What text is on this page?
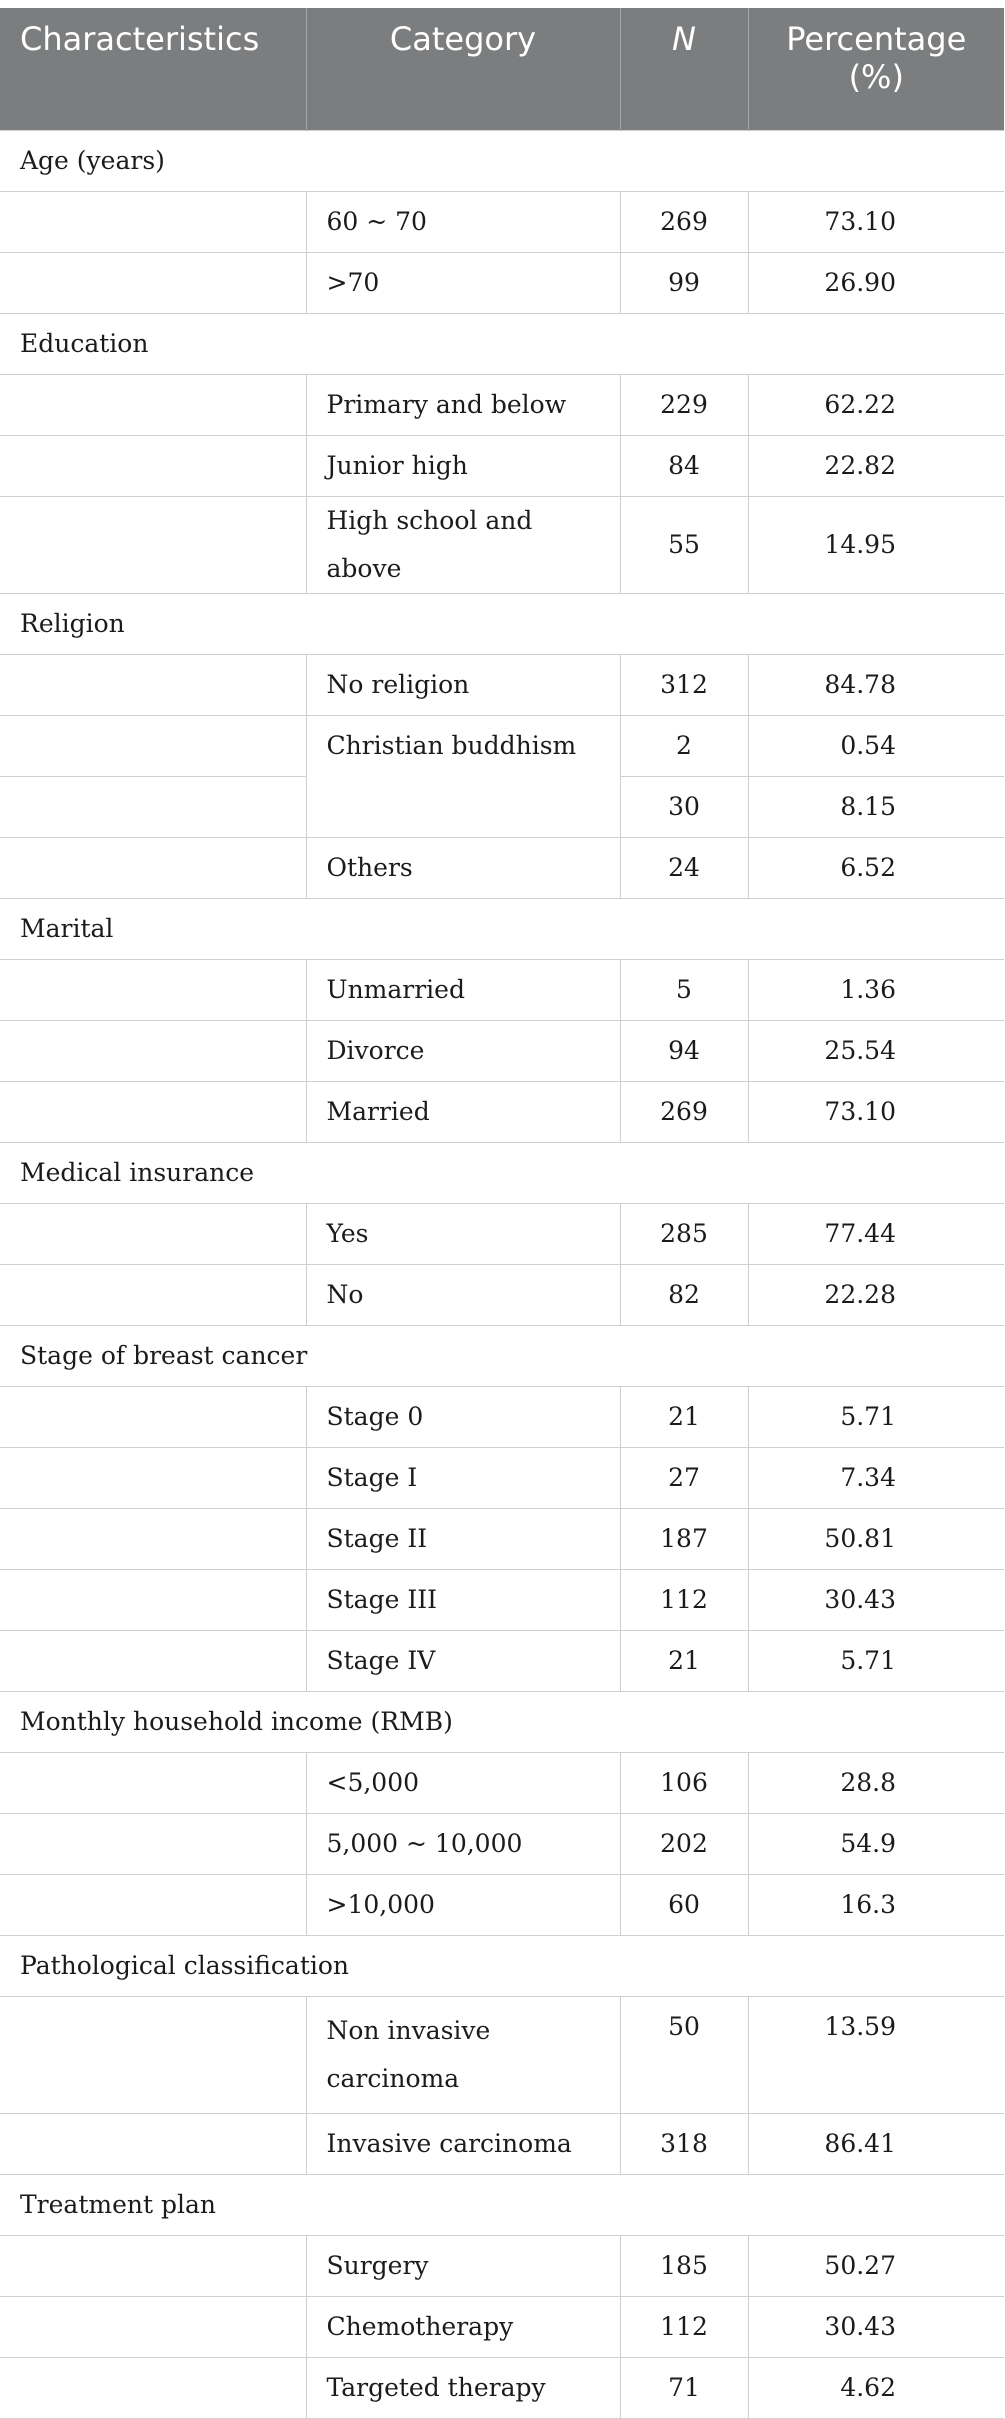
Characteristics	Category	N	Percentage (%)
Age (years)			
	60 ~ 70	269	73.10
	>70	99	26.90
Education			
	Primary and below	229	62.22
	Junior high	84	22.82
	High school and above	55	14.95
Religion			
	No religion	312	84.78
	Christian buddhism	2	0.54
		30	8.15
	Others	24	6.52
Marital			
	Unmarried	5	1.36
	Divorce	94	25.54
	Married	269	73.10
Medical insurance			
	Yes	285	77.44
	No	82	22.28
Stage of breast cancer			
	Stage 0	21	5.71
	Stage I	27	7.34
	Stage II	187	50.81
	Stage III	112	30.43
	Stage IV	21	5.71
Monthly household income (RMB)			
	<5,000	106	28.8
	5,000 ~ 10,000	202	54.9
	>10,000	60	16.3
Pathological classification			
	Non invasive carcinoma	50	13.59
	Invasive carcinoma	318	86.41
Treatment plan			
	Surgery	185	50.27
	Chemotherapy	112	30.43
	Targeted therapy	71	4.62
